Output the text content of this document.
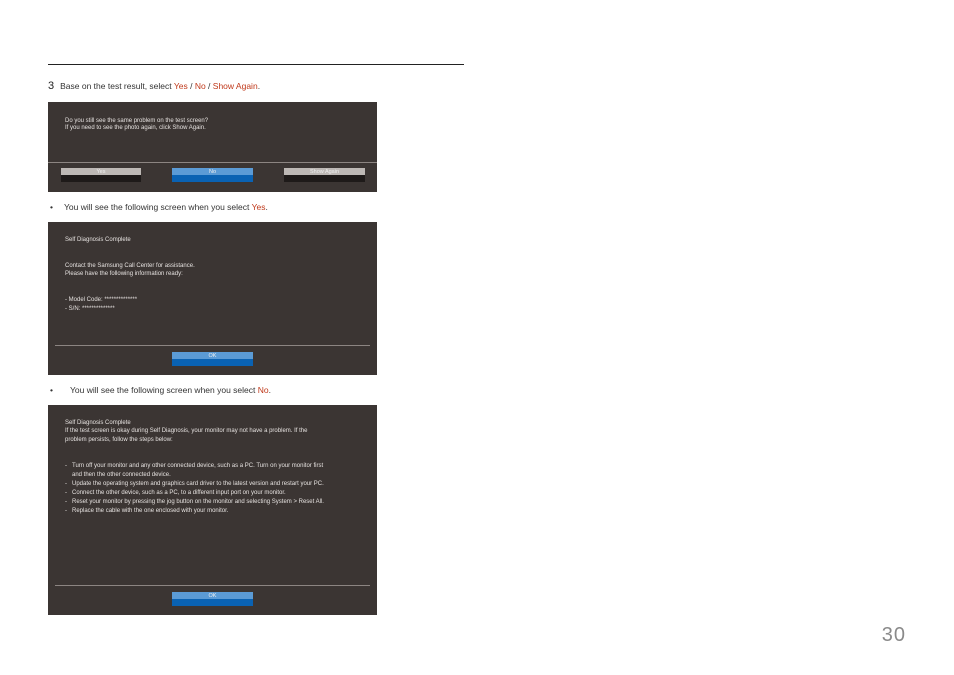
3 Base on the test result, select Yes / No / Show Again.
Do you still see the same problem on the test screen?
If you need to see the photo again, click Show Again.
Yes	No	Show Again
• You will see the following screen when you select Yes.
Self Diagnosis Complete
Contact the Samsung Call Center for assistance.
Please have the following information ready:
- Model Code: **************
- S/N: **************
OK
• You will see the following screen when you select No.
Self Diagnosis Complete
If the test screen is okay during Self Diagnosis, your monitor may not have a problem. If the
problem persists, follow the steps below:
- Turn off your monitor and any other connected device, such as a PC. Turn on your monitor first
and then the other connected device.
- Update the operating system and graphics card driver to the latest version and restart your PC.
- Connect the other device, such as a PC, to a different input port on your monitor.
- Reset your monitor by pressing the jog button on the monitor and selecting System > Reset All.
- Replace the cable with the one enclosed with your monitor.
OK
30
